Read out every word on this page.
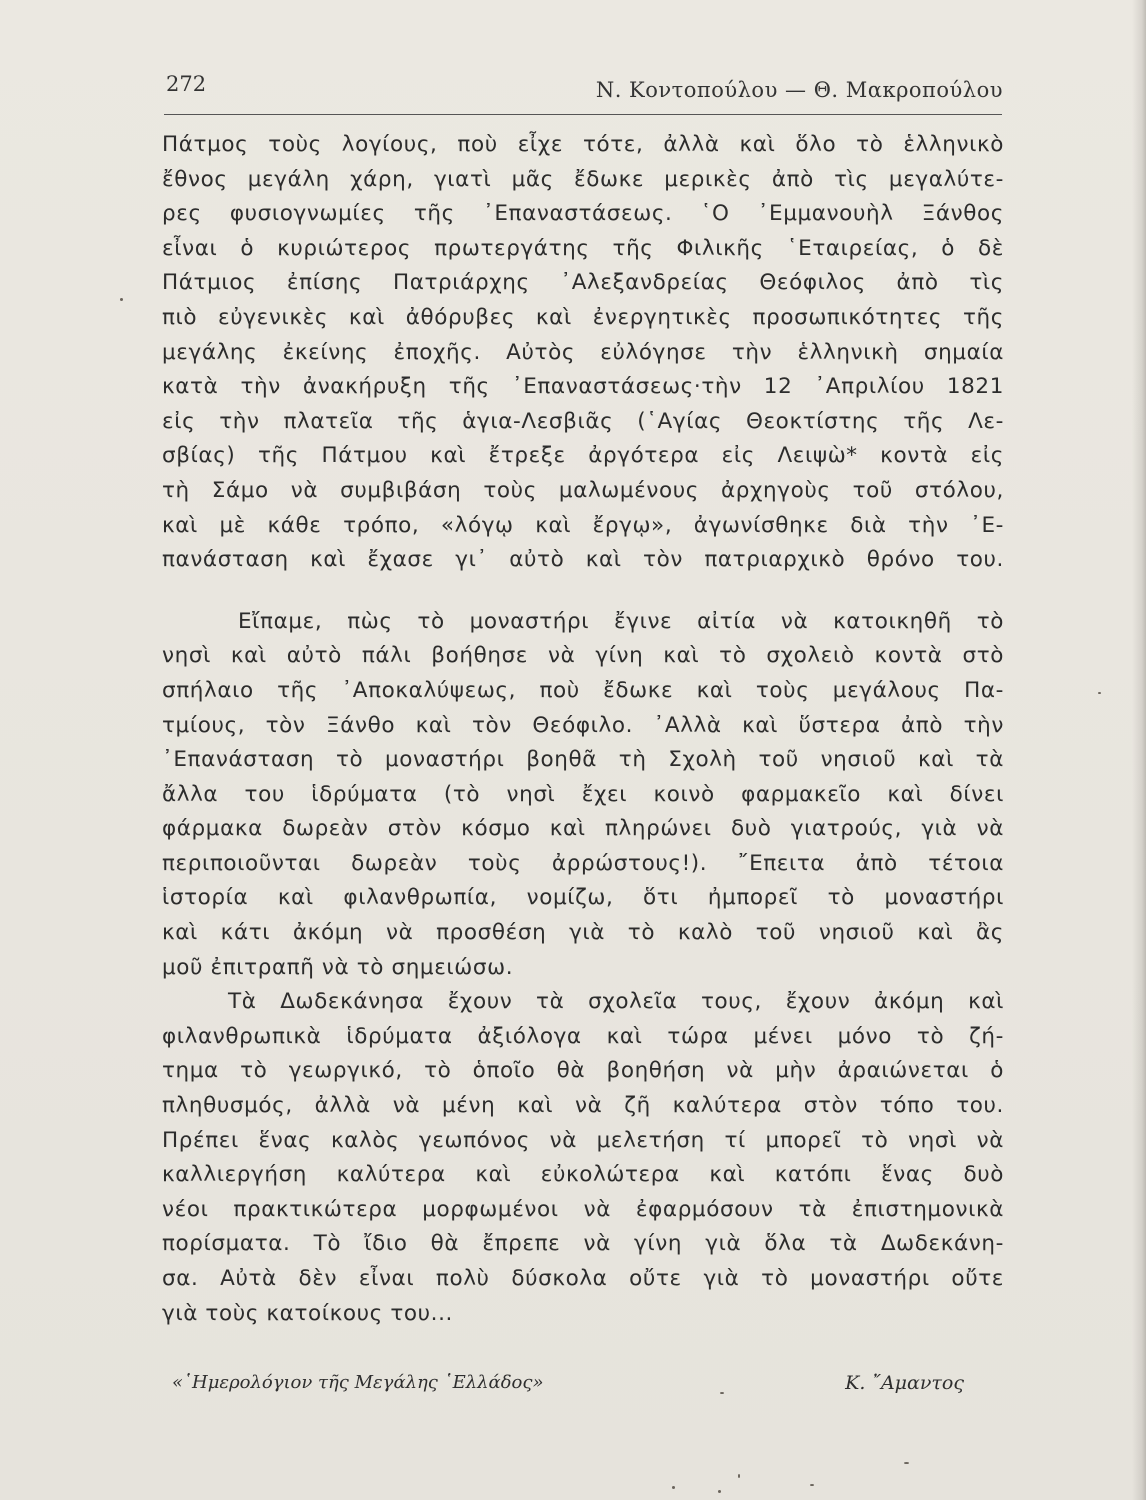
272	Ν. Κοντοπούλου — Θ. Μακροπούλου
Πάτμος τοὺς λογίους, ποὺ εἶχε τότε, ἀλλὰ καὶ ὅλο τὸ ἑλληνικὸ
ἔθνος μεγάλη χάρη, γιατὶ μᾶς ἔδωκε μερικὲς ἀπὸ τὶς μεγαλύτε-
ρες φυσιογνωμίες τῆς ᾿Επαναστάσεως. ῾Ο ᾿Εμμανουὴλ Ξάνθος
εἶναι ὁ κυριώτερος πρωτεργάτης τῆς Φιλικῆς ῾Εταιρείας, ὁ δὲ
Πάτμιος ἐπίσης Πατριάρχης ᾿Αλεξανδρείας Θεόφιλος ἀπὸ τὶς
πιὸ εὐγενικὲς καὶ ἀθόρυβες καὶ ἐνεργητικὲς προσωπικότητες τῆς
μεγάλης ἐκείνης ἐποχῆς. Αὐτὸς εὐλόγησε τὴν ἑλληνικὴ σημαία
κατὰ τὴν ἀνακήρυξη τῆς ᾿Επαναστάσεως·τὴν 12 ᾿Απριλίου 1821
εἰς τὴν πλατεῖα τῆς ἁγια-Λεσβιᾶς (῾Αγίας Θεοκτίστης τῆς Λε-
σβίας) τῆς Πάτμου καὶ ἔτρεξε ἀργότερα εἰς Λειψὼ* κοντὰ εἰς
τὴ Σάμο νὰ συμβιβάση τοὺς μαλωμένους ἀρχηγοὺς τοῦ στόλου,
καὶ μὲ κάθε τρόπο, «λόγῳ καὶ ἔργῳ», ἀγωνίσθηκε διὰ τὴν ᾿Ε-
πανάσταση καὶ ἔχασε γι᾿ αὐτὸ καὶ τὸν πατριαρχικὸ θρόνο του.
Εἴπαμε, πὼς τὸ μοναστήρι ἔγινε αἰτία νὰ κατοικηθῆ τὸ
νησὶ καὶ αὐτὸ πάλι βοήθησε νὰ γίνη καὶ τὸ σχολειὸ κοντὰ στὸ
σπήλαιο τῆς ᾿Αποκαλύψεως, ποὺ ἔδωκε καὶ τοὺς μεγάλους Πα-
τμίους, τὸν Ξάνθο καὶ τὸν Θεόφιλο. ᾿Αλλὰ καὶ ὕστερα ἀπὸ τὴν
᾿Επανάσταση τὸ μοναστήρι βοηθᾶ τὴ Σχολὴ τοῦ νησιοῦ καὶ τὰ
ἄλλα του ἱδρύματα (τὸ νησὶ ἔχει κοινὸ φαρμακεῖο καὶ δίνει
φάρμακα δωρεὰν στὸν κόσμο καὶ πληρώνει δυὸ γιατρούς, γιὰ νὰ
περιποιοῦνται δωρεὰν τοὺς ἀρρώστους!). ῎Επειτα ἀπὸ τέτοια
ἱστορία καὶ φιλανθρωπία, νομίζω, ὅτι ἠμπορεῖ τὸ μοναστήρι
καὶ κάτι ἀκόμη νὰ προσθέση γιὰ τὸ καλὸ τοῦ νησιοῦ καὶ ἂς
μοῦ ἐπιτραπῆ νὰ τὸ σημειώσω.
Τὰ Δωδεκάνησα ἔχουν τὰ σχολεῖα τους, ἔχουν ἀκόμη καὶ
φιλανθρωπικὰ ἱδρύματα ἀξιόλογα καὶ τώρα μένει μόνο τὸ ζή-
τημα τὸ γεωργικό, τὸ ὁποῖο θὰ βοηθήση νὰ μὴν ἀραιώνεται ὁ
πληθυσμός, ἀλλὰ νὰ μένη καὶ νὰ ζῆ καλύτερα στὸν τόπο του.
Πρέπει ἕνας καλὸς γεωπόνος νὰ μελετήση τί μπορεῖ τὸ νησὶ νὰ
καλλιεργήση καλύτερα καὶ εὐκολώτερα καὶ κατόπι ἕνας δυὸ
νέοι πρακτικώτερα μορφωμένοι νὰ ἐφαρμόσουν τὰ ἐπιστημονικὰ
πορίσματα. Τὸ ἴδιο θὰ ἔπρεπε νὰ γίνη γιὰ ὅλα τὰ Δωδεκάνη-
σα. Αὐτὰ δὲν εἶναι πολὺ δύσκολα οὔτε γιὰ τὸ μοναστήρι οὔτε
γιὰ τοὺς κατοίκους του...
«῾Ημερολόγιον τῆς Μεγάλης ῾Ελλάδος»	Κ. ῎Αμαντος
